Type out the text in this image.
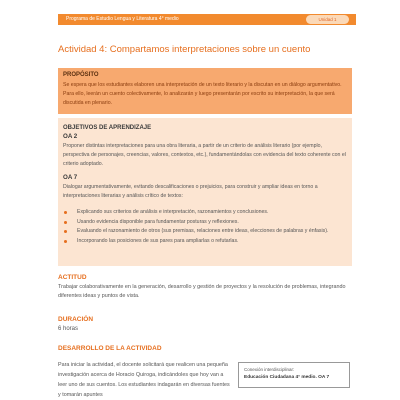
Programa de Estudio Lengua y Literatura 4° medio	Unidad 1
Actividad 4: Compartamos interpretaciones sobre un cuento
PROPÓSITO
Se espera que los estudiantes elaboren una interpretación de un texto literario y la discutan en un diálogo argumentativo. Para ello, leerán un cuento colectivamente, lo analizarán y luego presentarán por escrito su interpretación, la que será discutida en plenario.
OBJETIVOS DE APRENDIZAJE
OA 2
Proponer distintas interpretaciones para una obra literaria, a partir de un criterio de análisis literario (por ejemplo, perspectiva de personajes, creencias, valores, contextos, etc.), fundamentándolas con evidencia del texto coherente con el criterio adoptado.
OA 7
Dialogar argumentativamente, evitando descalificaciones o prejuicios, para construir y ampliar ideas en torno a interpretaciones literarias y análisis crítico de textos:
Explicando sus criterios de análisis e interpretación, razonamientos y conclusiones.
Usando evidencia disponible para fundamentar posturas y reflexiones.
Evaluando el razonamiento de otros (sus premisas, relaciones entre ideas, elecciones de palabras y énfasis).
Incorporando las posiciones de sus pares para ampliarlas o refutarlas.
ACTITUD
Trabajar colaborativamente en la generación, desarrollo y gestión de proyectos y la resolución de problemas, integrando diferentes ideas y puntos de vista.
DURACIÓN
6 horas
DESARROLLO DE LA ACTIVIDAD
Para iniciar la actividad, el docente solicitará que realicen una pequeña investigación acerca de Horacio Quiroga, indicándoles que hoy van a leer uno de sus cuentos. Los estudiantes indagarán en diversas fuentes y tomarán apuntes
Conexión interdisciplinar:
Educación Ciudadana 4° medio. OA 7
